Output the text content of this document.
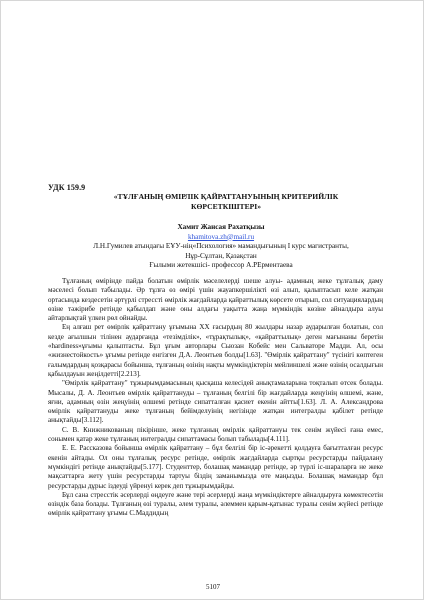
УДК 159.9
«ТҰЛҒАНЫҢ ӨМІРЛІК ҚАЙРАТТАНУЫНЫҢ КРИТЕРИЙЛІК
КӨРСЕТКІШТЕРІ»
Хамит Жансая Рахатқызы
khamitova.zh@mail.ru
Л.Н.Гумилев атындағы ЕҰУ-нің«Психология» мамандығының I курс магистранты,
Нұр-Сұлтан, Қазақстан
Ғылыми жетекшісі- профессор А.РЕрментаева

Тұлғаның өмірінде пайда болатын өмірлік мәселелерді шеше алуы- адамның жеке тұлғалық даму мәселесі болып табылады. Әр тұлға өз өмірі үшін жауапкершілікті өзі алып, қалыптасып келе жатқан ортасында кездесетін әртүрлі стрессті өмірлік жағдайларда қайраттылық көрсете отырып, сол ситуациялардың өзіне тәжірибе ретінде қабылдап және оны алдағы уақытта жаңа мүмкіндік көзіне айналдыра алуы айтарлықтай үлкен рөл ойнайды.

Ең алғаш рет өмірлік қайраттану ұғымына XX ғасырдың 80 жылдары назар аударылған болатын, сол кезде ағылшын тілінен аударғанда «тезімділік», «тұрақтылық», «қайраттылық» деген мағынаны беретін «hardiness»ұғымы қалыптасты. Бұл ұғым авторлары Сьюзан Кобейс мен Сальваторе Мадди. Ал, осы «жизнестойкость» ұғымы ретінде енгізген Д.А. Леонтьев болды[1.63]. "Өмірлік қайраттану" түсінігі көптеген ғалымдардың қозқарасы бойынша, тұлғаның өзінің нақты мүмкіндіктерін мейлиншелі және өзінің осалдығын қабылдауын жеңілдетті[2.213].

"Өмірлік қайраттану" тұжырымдамасының қысқаша келесідей анықтамаларына тоқталып өтсек болады. Мысалы, Д. А. Леонтьев өмірлік қайраттануды – тұлғаның белгілі бір жағдайларда жеңуінің өлшемі, және, яғни, адамның өзін жеңуінің өлшемі ретінде сипатталған қасиет екенін айтты[1.63]. Л. А. Александрова өмірлік қайраттануды жеке тұлғаның бейімделуінің негізінде жатқан интегралды қабілет ретінде анықтайды[3.112].

С. В. Книжникованың пікірінше, жеке тұлғаның өмірлік қайраттануы тек сенім жүйесі ғана емес, сонымен қатар жеке тұлғаның интегралды сипаттамасы болып табылады[4.111].

Е. Е. Рассказова бойынша өмірлік қайраттану – бұл белгілі бір іс-әрекетті қолдауға бағытталған ресурс екенін айтады. Ол оны тұлғалық ресурс ретінде, өмірлік жағдайларда сыртқы ресурстарды пайдалану мүмкіндігі ретінде анықтайды[5.177]. Студенттер, болашақ мамандар ретінде, әр түрлі іс-шараларға не жеке мақсаттарға жету үшін ресурстарды тартуы біздің заманымызда өте маңызды. Болашақ мамандар бұл ресурстарды дұрыс іздеуді үйренуі керек деп тұжырымдайды.

Бұл сана стресстік әсерлерді өңдеуге және тері әсерлерді жаңа мүмкіндіктерге айналдыруға көмектесетін өзіндік база болады. Тұлғаның өзі туралы, әлем туралы, әлеммен қарым-қатынас туралы сенім жүйесі ретінде өмірлік қайраттану ұғымы С.Маддидың

5107
